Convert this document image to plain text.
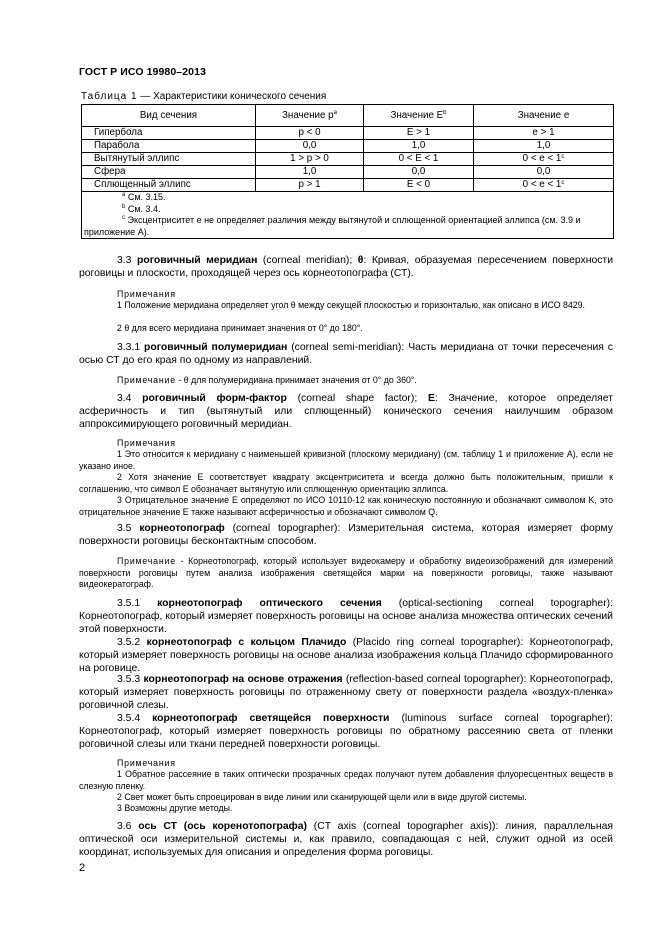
ГОСТ Р ИСО 19980–2013
Таблица 1 — Характеристики конического сечения
Вид сечения	Значение $p^a$	Значение $E^b$	Значение e
Гипербола	p < 0	E > 1	e > 1
Парабола	0,0	1,0	1,0
Вытянутый эллипс	1 > p > 0	0 < E < 1	$0 < e < 1^c$
Сфера	1,0	0,0	0,0
Сплющенный эллипс	p > 1	E < 0	$0 < e < 1^c$

$^a$ См. 3.15.
$^b$ См. 3.4.
$^c$ Эксцентриситет e не определяет различия между вытянутой и сплющенной ориентацией эллипса (см. 3.9 и приложение А).			
3.3 роговичный меридиан (corneal meridian); θ: Кривая, образуемая пересечением поверхности роговицы и плоскости, проходящей через ось корнеотопографа (СТ).
Примечания
1 Положение меридиана определяет угол θ между секущей плоскостью и горизонталью, как описано в ИСО 8429.
2 θ для всего меридиана принимает значения от 0° до 180°.
3.3.1 роговичный полумеридиан (corneal semi-meridian): Часть меридиана от точки пересечения с осью СТ до его края по одному из направлений.
Примечание - θ для полумеридиана принимает значения от 0° до 360°.
3.4 роговичный форм-фактор (corneal shape factor); E: Значение, которое определяет асферичность и тип (вытянутый или сплющенный) конического сечения наилучшим образом аппроксимирующего роговичный меридиан.
Примечания
1 Это относится к меридиану с наименьшей кривизной (плоскому меридиану) (см. таблицу 1 и приложение А), если не указано иное.
2 Хотя значение E соответствует квадрату эксцентриситета и всегда должно быть положительным, пришли к соглашению, что символ E обозначает вытянутую или сплющенную ориентацию эллипса.
3 Отрицательное значение E определяют по ИСО 10110-12 как коническую постоянную и обозначают символом K, это отрицательное значение E также называют асферичностью и обозначают символом Q.
3.5 корнеотопограф (corneal topographer): Измерительная система, которая измеряет форму поверхности роговицы бесконтактным способом.
Примечание - Корнеотопограф, который использует видеокамеру и обработку видеоизображений для измерений поверхности роговицы путем анализа изображения светящейся марки на поверхности роговицы, также называют видеокератограф.
3.5.1 корнеотопограф оптического сечения (optical-sectioning corneal topographer): Корнеотопограф, который измеряет поверхность роговицы на основе анализа множества оптических сечений этой поверхности.
3.5.2 корнеотопограф с кольцом Плачидо (Placido ring corneal topographer): Корнеотопограф, который измеряет поверхность роговицы на основе анализа изображения кольца Плачидо сформированного на роговице.
3.5.3 корнеотопограф на основе отражения (reflection-based corneal topographer): Корнеотопограф, который измеряет поверхность роговицы по отраженному свету от поверхности раздела «воздух-пленка» роговичной слезы.
3.5.4 корнеотопограф светящейся поверхности (luminous surface corneal topographer): Корнеотопограф, который измеряет поверхность роговицы по обратному рассеянию света от пленки роговичной слезы или ткани передней поверхности роговицы.
Примечания
1 Обратное рассеяние в таких оптически прозрачных средах получают путем добавления флуоресцентных веществ в слезную пленку.
2 Свет может быть спроецирован в виде линии или сканирующей щели или в виде другой системы.
3 Возможны другие методы.
3.6 ось СТ (ось коренотопографа) (CT axis (corneal topographer axis)): линия, параллельная оптической оси измерительной системы и, как правило, совпадающая с ней, служит одной из осей координат, используемых для описания и определения форма роговицы.
2
